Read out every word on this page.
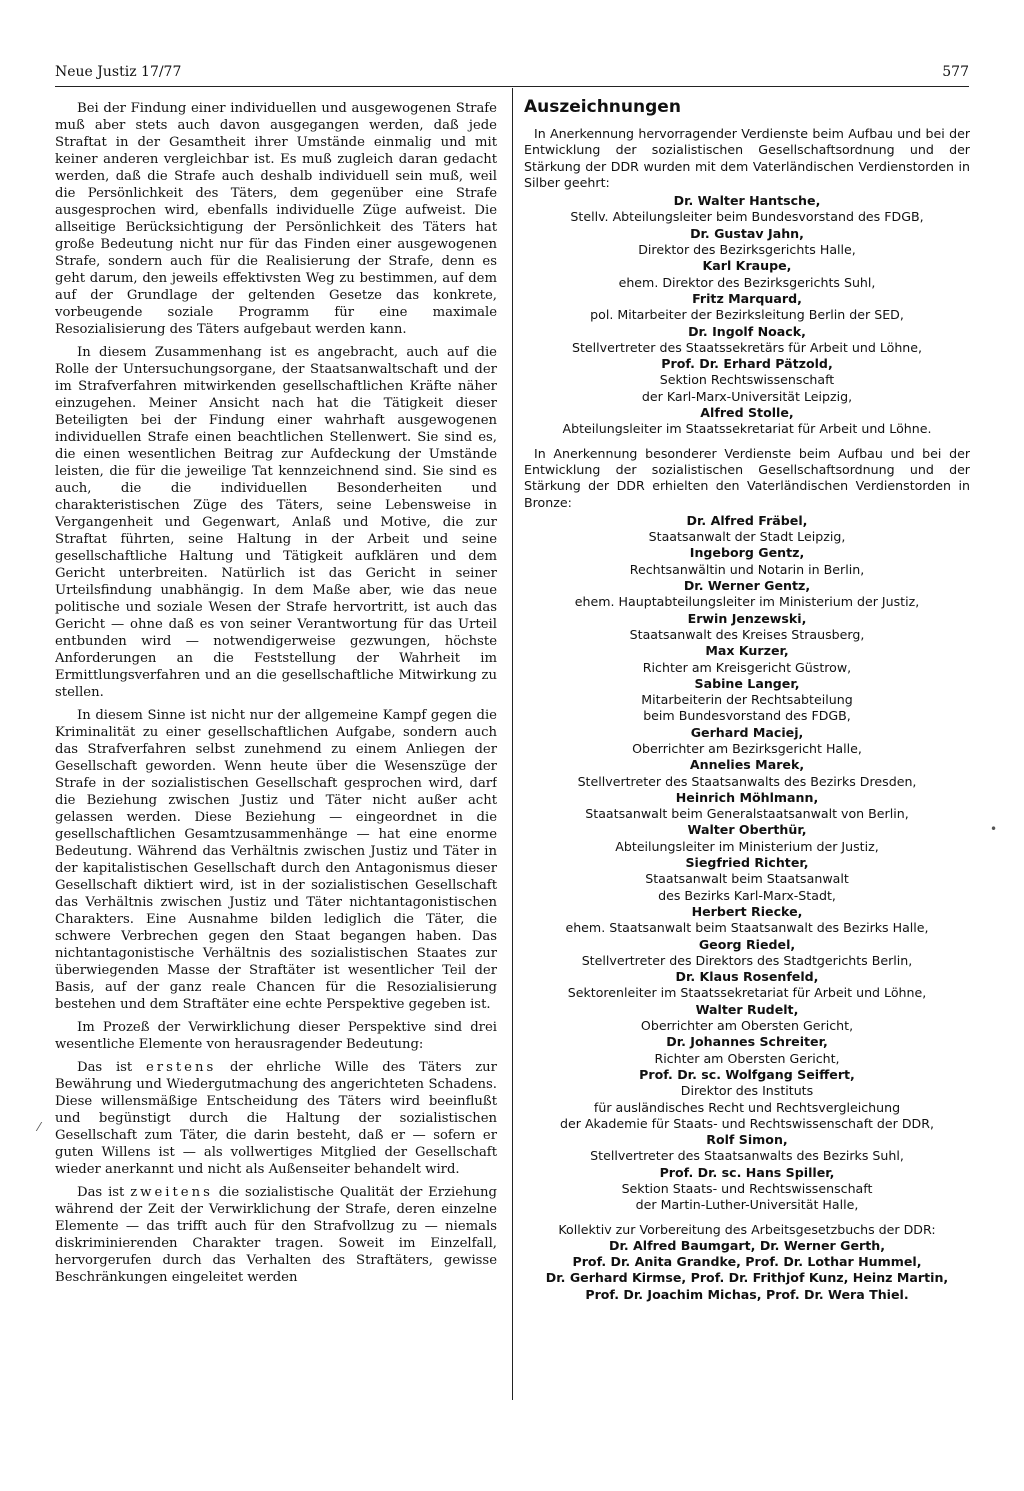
Neue Justiz 17/77	577

Bei der Findung einer individuellen und ausgewogenen Strafe muß aber stets auch davon ausgegangen werden, daß jede Straftat in der Gesamtheit ihrer Umstände einmalig und mit keiner anderen vergleichbar ist. Es muß zugleich daran gedacht werden, daß die Strafe auch deshalb individuell sein muß, weil die Persönlichkeit des Täters, dem gegenüber eine Strafe ausgesprochen wird, ebenfalls individuelle Züge aufweist. Die allseitige Berücksichtigung der Persönlichkeit des Täters hat große Bedeutung nicht nur für das Finden einer ausgewogenen Strafe, sondern auch für die Realisierung der Strafe, denn es geht darum, den jeweils effektivsten Weg zu bestimmen, auf dem auf der Grundlage der geltenden Gesetze das konkrete, vorbeugende soziale Programm für eine maximale Resozialisierung des Täters aufgebaut werden kann.

In diesem Zusammenhang ist es angebracht, auch auf die Rolle der Untersuchungsorgane, der Staatsanwaltschaft und der im Strafverfahren mitwirkenden gesellschaftlichen Kräfte näher einzugehen. Meiner Ansicht nach hat die Tätigkeit dieser Beteiligten bei der Findung einer wahrhaft ausgewogenen individuellen Strafe einen beachtlichen Stellenwert. Sie sind es, die einen wesentlichen Beitrag zur Aufdeckung der Umstände leisten, die für die jeweilige Tat kennzeichnend sind. Sie sind es auch, die die individuellen Besonderheiten und charakteristischen Züge des Täters, seine Lebensweise in Vergangenheit und Gegenwart, Anlaß und Motive, die zur Straftat führten, seine Haltung in der Arbeit und seine gesellschaftliche Haltung und Tätigkeit aufklären und dem Gericht unterbreiten. Natürlich ist das Gericht in seiner Urteilsfindung unabhängig. In dem Maße aber, wie das neue politische und soziale Wesen der Strafe hervortritt, ist auch das Gericht — ohne daß es von seiner Verantwortung für das Urteil entbunden wird — notwendigerweise gezwungen, höchste Anforderungen an die Feststellung der Wahrheit im Ermittlungsverfahren und an die gesellschaftliche Mitwirkung zu stellen.

In diesem Sinne ist nicht nur der allgemeine Kampf gegen die Kriminalität zu einer gesellschaftlichen Aufgabe, sondern auch das Strafverfahren selbst zunehmend zu einem Anliegen der Gesellschaft geworden. Wenn heute über die Wesenszüge der Strafe in der sozialistischen Gesellschaft gesprochen wird, darf die Beziehung zwischen Justiz und Täter nicht außer acht gelassen werden. Diese Beziehung — eingeordnet in die gesellschaftlichen Gesamtzusammenhänge — hat eine enorme Bedeutung. Während das Verhältnis zwischen Justiz und Täter in der kapitalistischen Gesellschaft durch den Antagonismus dieser Gesellschaft diktiert wird, ist in der sozialistischen Gesellschaft das Verhältnis zwischen Justiz und Täter nichtantagonistischen Charakters. Eine Ausnahme bilden lediglich die Täter, die schwere Verbrechen gegen den Staat begangen haben. Das nichtantagonistische Verhältnis des sozialistischen Staates zur überwiegenden Masse der Straftäter ist wesentlicher Teil der Basis, auf der ganz reale Chancen für die Resozialisierung bestehen und dem Straftäter eine echte Perspektive gegeben ist.

Im Prozeß der Verwirklichung dieser Perspektive sind drei wesentliche Elemente von herausragender Bedeutung:

Das ist erstens der ehrliche Wille des Täters zur Bewährung und Wiedergutmachung des angerichteten Schadens. Diese willensmäßige Entscheidung des Täters wird beeinflußt und begünstigt durch die Haltung der sozialistischen Gesellschaft zum Täter, die darin besteht, daß er — sofern er guten Willens ist — als vollwertiges Mitglied der Gesellschaft wieder anerkannt und nicht als Außenseiter behandelt wird.

Das ist zweitens die sozialistische Qualität der Erziehung während der Zeit der Verwirklichung der Strafe, deren einzelne Elemente — das trifft auch für den Strafvollzug zu — niemals diskriminierenden Charakter tragen. Soweit im Einzelfall, hervorgerufen durch das Verhalten des Straftäters, gewisse Beschränkungen eingeleitet werden

Auszeichnungen

In Anerkennung hervorragender Verdienste beim Aufbau und bei der Entwicklung der sozialistischen Gesellschaftsordnung und der Stärkung der DDR wurden mit dem Vaterländischen Verdienstorden in Silber geehrt:

Dr. Walter Hantsche,
Stellv. Abteilungsleiter beim Bundesvorstand des FDGB,
Dr. Gustav Jahn,
Direktor des Bezirksgerichts Halle,
Karl Kraupe,
ehem. Direktor des Bezirksgerichts Suhl,
Fritz Marquard,
pol. Mitarbeiter der Bezirksleitung Berlin der SED,
Dr. Ingolf Noack,
Stellvertreter des Staatssekretärs für Arbeit und Löhne,
Prof. Dr. Erhard Pätzold,
Sektion Rechtswissenschaft
der Karl-Marx-Universität Leipzig,
Alfred Stolle,
Abteilungsleiter im Staatssekretariat für Arbeit und Löhne.

In Anerkennung besonderer Verdienste beim Aufbau und bei der Entwicklung der sozialistischen Gesellschaftsordnung und der Stärkung der DDR erhielten den Vaterländischen Verdienstorden in Bronze:

Dr. Alfred Fräbel,
Staatsanwalt der Stadt Leipzig,
Ingeborg Gentz,
Rechtsanwältin und Notarin in Berlin,
Dr. Werner Gentz,
ehem. Hauptabteilungsleiter im Ministerium der Justiz,
Erwin Jenzewski,
Staatsanwalt des Kreises Strausberg,
Max Kurzer,
Richter am Kreisgericht Güstrow,
Sabine Langer,
Mitarbeiterin der Rechtsabteilung
beim Bundesvorstand des FDGB,
Gerhard Maciej,
Oberrichter am Bezirksgericht Halle,
Annelies Marek,
Stellvertreter des Staatsanwalts des Bezirks Dresden,
Heinrich Möhlmann,
Staatsanwalt beim Generalstaatsanwalt von Berlin,
Walter Oberthür,
Abteilungsleiter im Ministerium der Justiz,
Siegfried Richter,
Staatsanwalt beim Staatsanwalt
des Bezirks Karl-Marx-Stadt,
Herbert Riecke,
ehem. Staatsanwalt beim Staatsanwalt des Bezirks Halle,
Georg Riedel,
Stellvertreter des Direktors des Stadtgerichts Berlin,
Dr. Klaus Rosenfeld,
Sektorenleiter im Staatssekretariat für Arbeit und Löhne,
Walter Rudelt,
Oberrichter am Obersten Gericht,
Dr. Johannes Schreiter,
Richter am Obersten Gericht,
Prof. Dr. sc. Wolfgang Seiffert,
Direktor des Instituts
für ausländisches Recht und Rechtsvergleichung
der Akademie für Staats- und Rechtswissenschaft der DDR,
Rolf Simon,
Stellvertreter des Staatsanwalts des Bezirks Suhl,
Prof. Dr. sc. Hans Spiller,
Sektion Staats- und Rechtswissenschaft
der Martin-Luther-Universität Halle,
Kollektiv zur Vorbereitung des Arbeitsgesetzbuchs der DDR:
Dr. Alfred Baumgart, Dr. Werner Gerth,
Prof. Dr. Anita Grandke, Prof. Dr. Lothar Hummel,
Dr. Gerhard Kirmse, Prof. Dr. Frithjof Kunz, Heinz Martin,
Prof. Dr. Joachim Michas, Prof. Dr. Wera Thiel.
•
⁄
